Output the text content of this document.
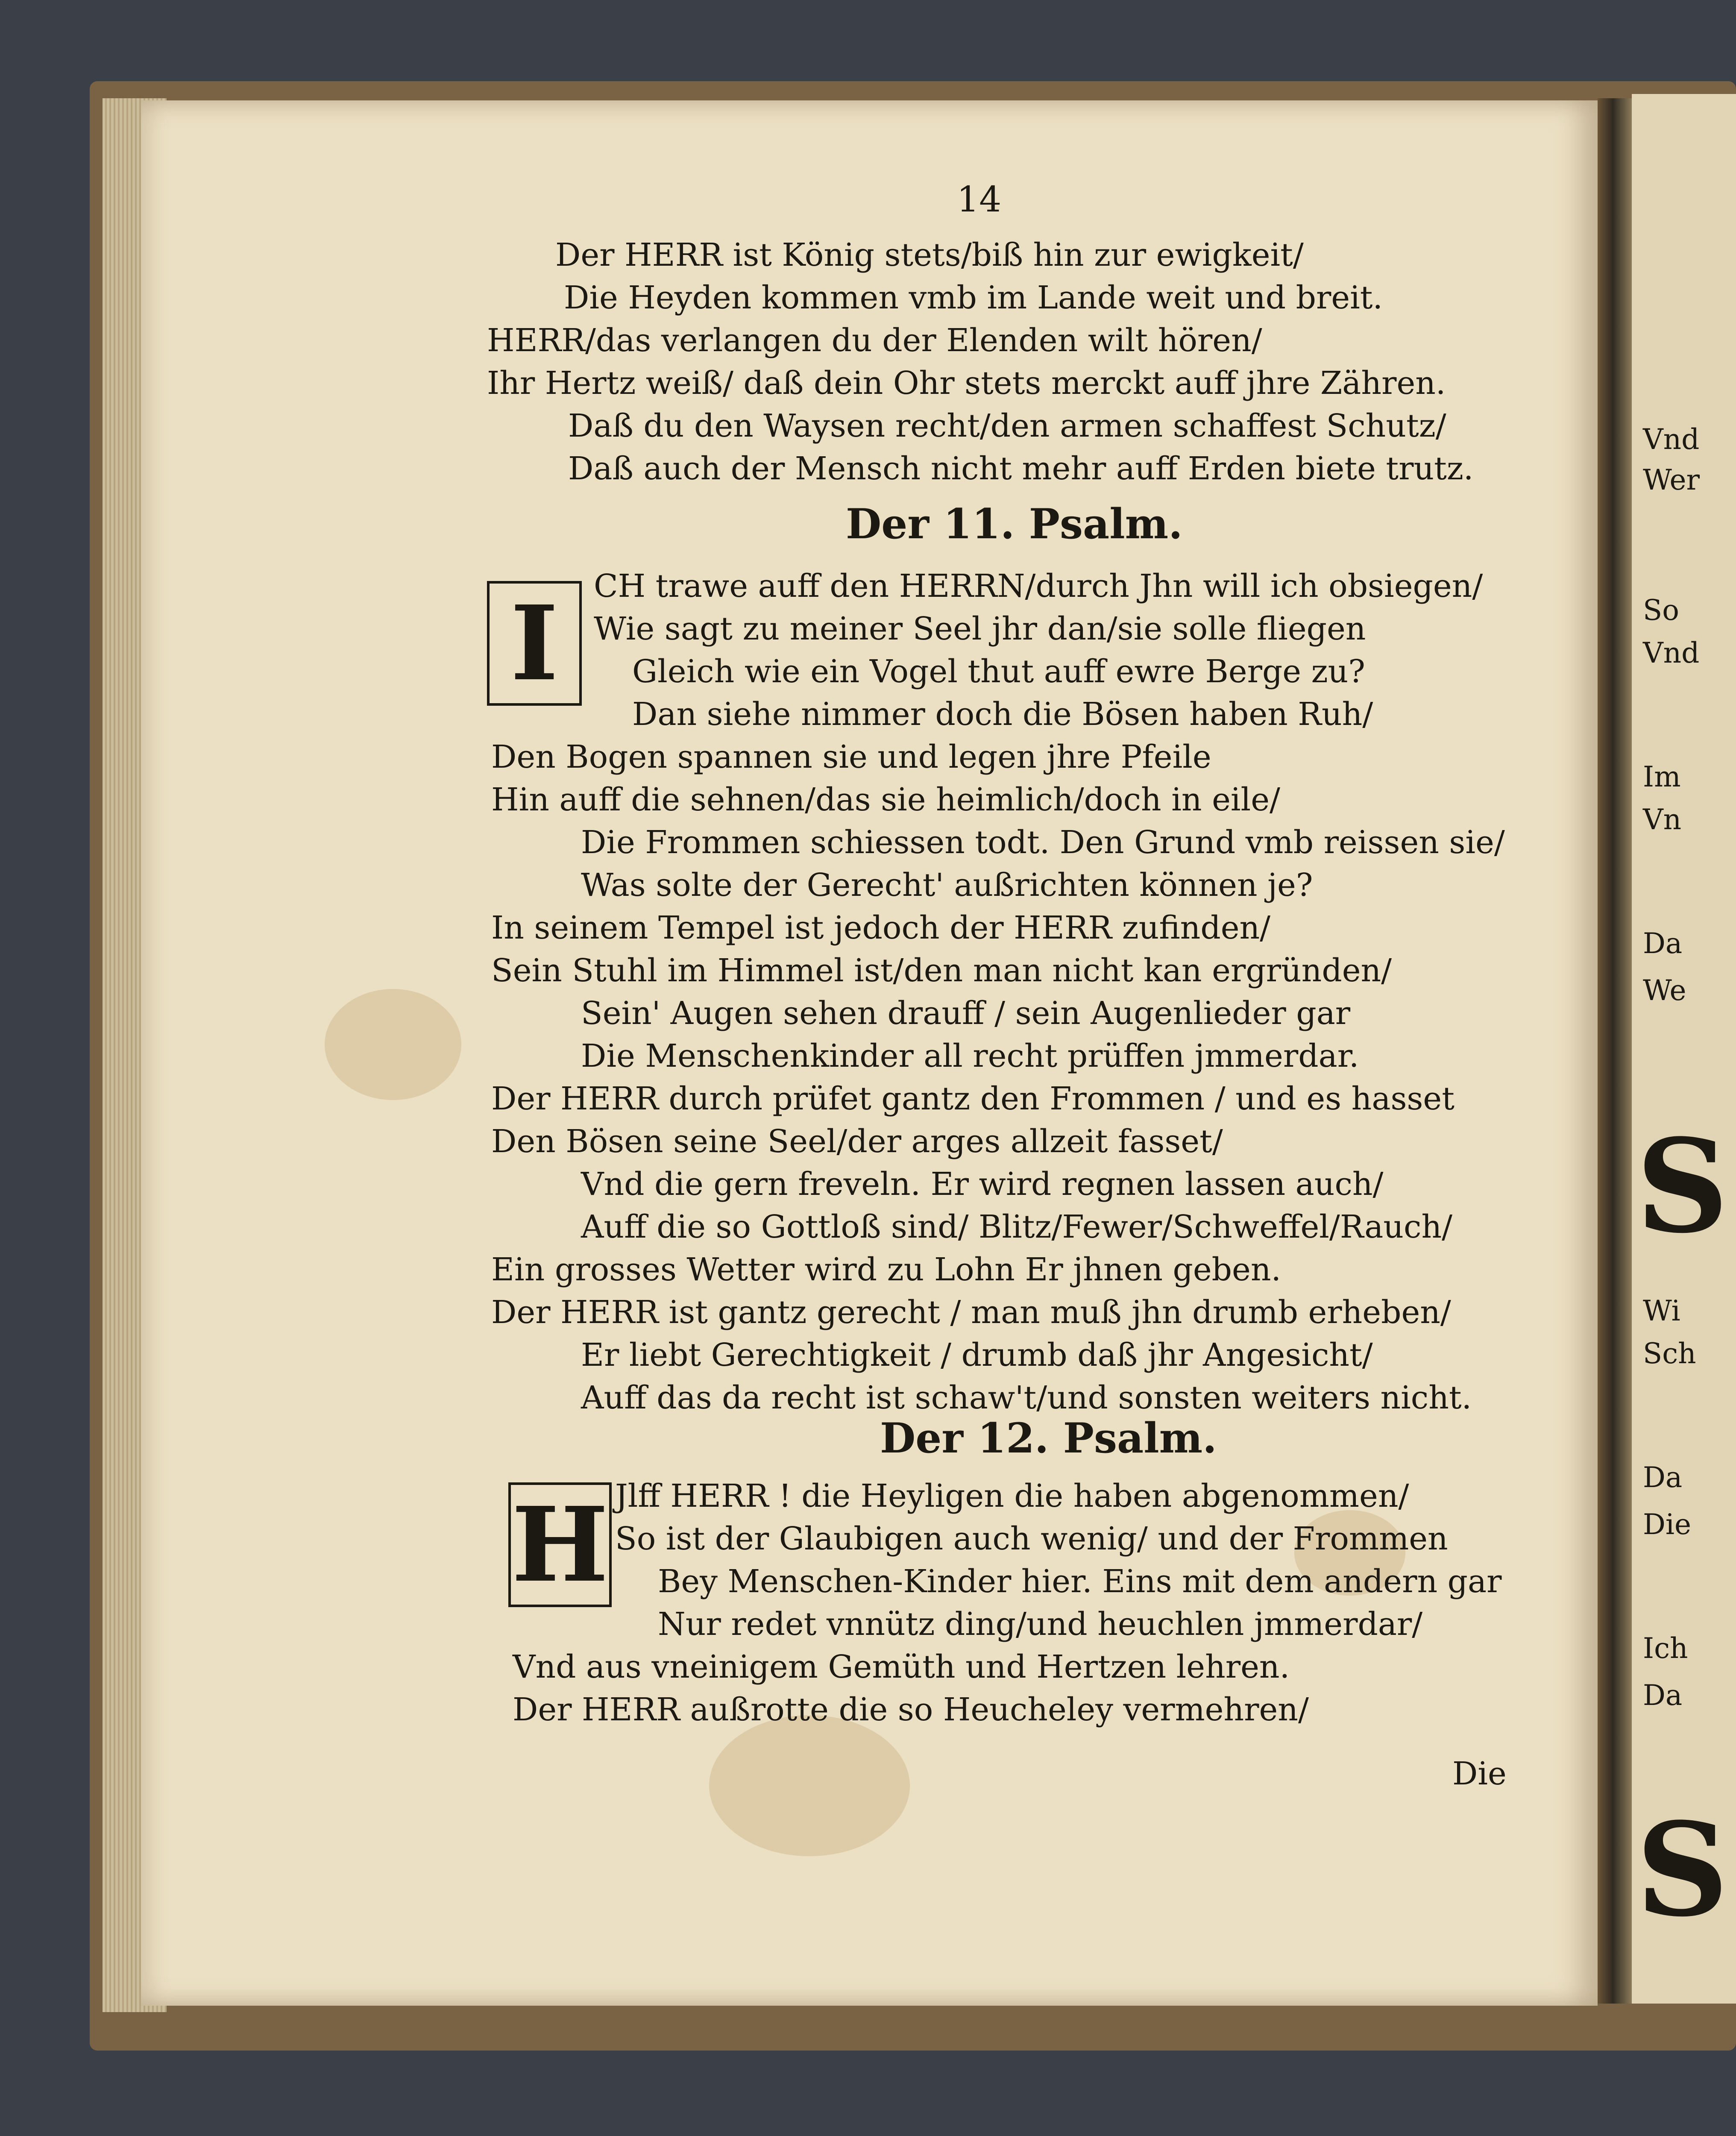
Vnd
Wer
So
Vnd
Im
Vn
Da
We
S
Wi
Sch
Da
Die
Ich
Da
S
14
Der HERR ist König stets/biß hin zur ewigkeit/
Die Heyden kommen vmb im Lande weit und breit.
HERR/das verlangen du der Elenden wilt hören/
Ihr Hertz weiß/ daß dein Ohr stets merckt auff jhre Zähren.
Daß du den Waysen recht/den armen schaffest Schutz/
Daß auch der Mensch nicht mehr auff Erden biete trutz.
Der 11. Psalm.
I	CH trawe auff den HERRN/durch Jhn will ich obsiegen/
Wie sagt zu meiner Seel jhr dan/sie solle fliegen
Gleich wie ein Vogel thut auff ewre Berge zu?
Dan siehe nimmer doch die Bösen haben Ruh/
Den Bogen spannen sie und legen jhre Pfeile
Hin auff die sehnen/das sie heimlich/doch in eile/
Die Frommen schiessen todt. Den Grund vmb reissen sie/
Was solte der Gerecht' außrichten können je?
In seinem Tempel ist jedoch der HERR zufinden/
Sein Stuhl im Himmel ist/den man nicht kan ergründen/
Sein' Augen sehen drauff / sein Augenlieder gar
Die Menschenkinder all recht prüffen jmmerdar.
Der HERR durch prüfet gantz den Frommen / und es hasset
Den Bösen seine Seel/der arges allzeit fasset/
Vnd die gern freveln. Er wird regnen lassen auch/
Auff die so Gottloß sind/ Blitz/Fewer/Schweffel/Rauch/
Ein grosses Wetter wird zu Lohn Er jhnen geben.
Der HERR ist gantz gerecht / man muß jhn drumb erheben/
Er liebt Gerechtigkeit / drumb daß jhr Angesicht/
Auff das da recht ist schaw't/und sonsten weiters nicht.
Der 12. Psalm.
H Jlff HERR ! die Heyligen die haben abgenommen/
So ist der Glaubigen auch wenig/ und der Frommen
Bey Menschen-Kinder hier. Eins mit dem andern gar
Nur redet vnnütz ding/und heuchlen jmmerdar/
Vnd aus vneinigem Gemüth und Hertzen lehren.
Der HERR außrotte die so Heucheley vermehren/
Die
